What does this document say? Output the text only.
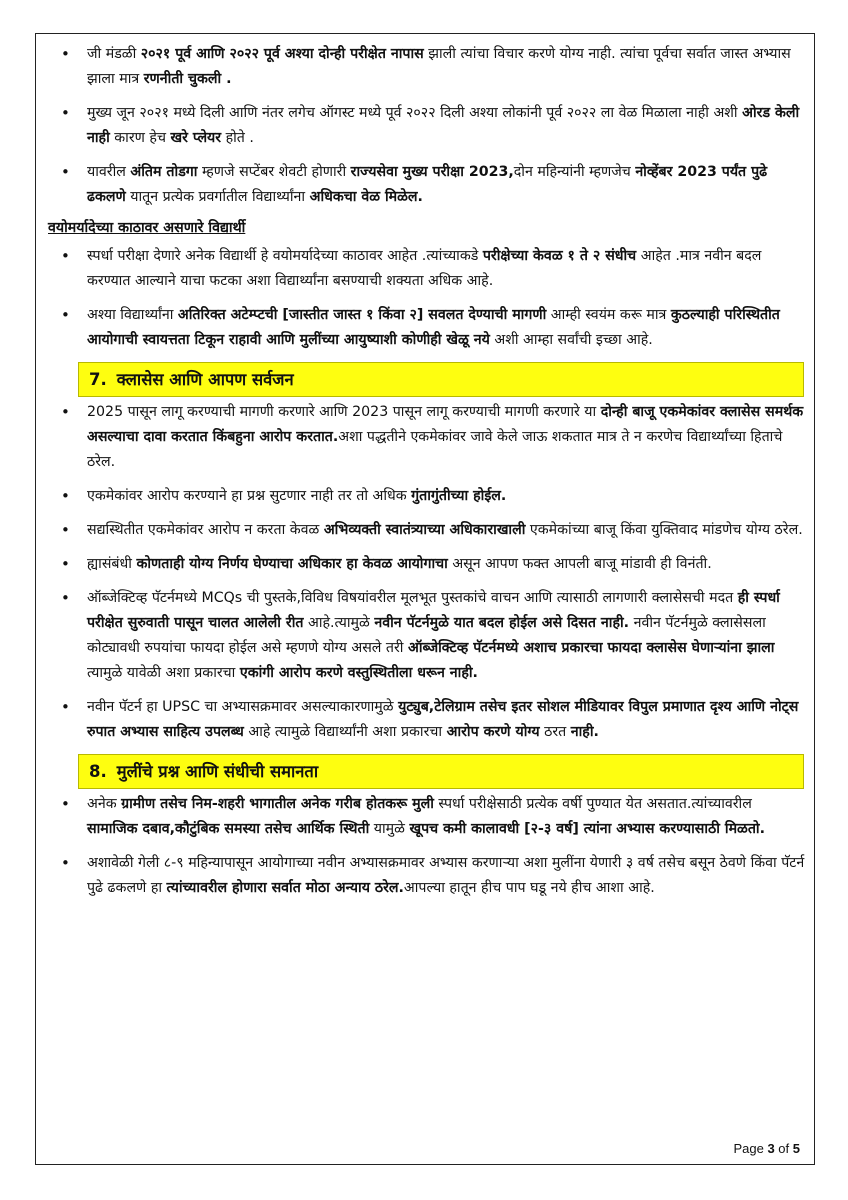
• जी मंडळी २०२१ पूर्व आणि २०२२ पूर्व अश्या दोन्ही परीक्षेत नापास झाली त्यांचा विचार करणे योग्य नाही. त्यांचा पूर्वचा सर्वात जास्त अभ्यास झाला मात्र रणनीती चुकली .
• मुख्य जून २०२१ मध्ये दिली आणि नंतर लगेच ऑगस्ट मध्ये पूर्व २०२२ दिली अश्या लोकांनी पूर्व २०२२ ला वेळ मिळाला नाही अशी ओरड केली नाही कारण हेच खरे प्लेयर होते .
• यावरील अंतिम तोडगा म्हणजे सप्टेंबर शेवटी होणारी राज्यसेवा मुख्य परीक्षा 2023,दोन महिन्यांनी म्हणजेच नोव्हेंबर 2023 पर्यंत पुढे ढकलणे यातून प्रत्येक प्रवर्गातील विद्यार्थ्यांना अधिकचा वेळ मिळेल.
वयोमर्यादेच्या काठावर असणारे विद्यार्थी
• स्पर्धा परीक्षा देणारे अनेक विद्यार्थी हे वयोमर्यादेच्या काठावर आहेत .त्यांच्याकडे परीक्षेच्या केवळ १ ते २ संधीच आहेत .मात्र नवीन बदल करण्यात आल्याने याचा फटका अशा विद्यार्थ्यांना बसण्याची शक्यता अधिक आहे.
• अश्या विद्यार्थ्यांना अतिरिक्त अटेम्प्टची [जास्तीत जास्त १ किंवा २] सवलत देण्याची मागणी आम्ही स्वयंम करू मात्र कुठल्याही परिस्थितीत आयोगाची स्वायत्तता टिकून राहावी आणि मुलींच्या आयुष्याशी कोणीही खेळू नये अशी आम्हा सर्वांची इच्छा आहे.
7. क्लासेस आणि आपण सर्वजन
• 2025 पासून लागू करण्याची मागणी करणारे आणि 2023 पासून लागू करण्याची मागणी करणारे या दोन्ही बाजू एकमेकांवर क्लासेस समर्थक असल्याचा दावा करतात किंबहुना आरोप करतात.अशा पद्धतीने एकमेकांवर जावे केले जाऊ शकतात मात्र ते न करणेच विद्यार्थ्यांच्या हिताचे ठरेल.
• एकमेकांवर आरोप करण्याने हा प्रश्न सुटणार नाही तर तो अधिक गुंतागुंतीच्या होईल.
• सद्यस्थितीत एकमेकांवर आरोप न करता केवळ अभिव्यक्ती स्वातंत्र्याच्या अधिकाराखाली एकमेकांच्या बाजू किंवा युक्तिवाद मांडणेच योग्य ठरेल.
• ह्यासंबंधी कोणताही योग्य निर्णय घेण्याचा अधिकार हा केवळ आयोगाचा असून आपण फक्त आपली बाजू मांडावी ही विनंती.
• ऑब्जेक्टिव्ह पॅटर्नमध्ये MCQs ची पुस्तके,विविध विषयांवरील मूलभूत पुस्तकांचे वाचन आणि त्यासाठी लागणारी क्लासेसची मदत ही स्पर्धा परीक्षेत सुरुवाती पासून चालत आलेली रीत आहे.त्यामुळे नवीन पॅटर्नमुळे यात बदल होईल असे दिसत नाही. नवीन पॅटर्नमुळे क्लासेसला कोट्यावधी रुपयांचा फायदा होईल असे म्हणणे योग्य असले तरी ऑब्जेक्टिव्ह पॅटर्नमध्ये अशाच प्रकारचा फायदा क्लासेस घेणाऱ्यांना झाला त्यामुळे यावेळी अशा प्रकारचा एकांगी आरोप करणे वस्तुस्थितीला धरून नाही.
• नवीन पॅटर्न हा UPSC चा अभ्यासक्रमावर असल्याकारणामुळे युट्युब,टेलिग्राम तसेच इतर सोशल मीडियावर विपुल प्रमाणात दृश्य आणि नोट्स रुपात अभ्यास साहित्य उपलब्ध आहे त्यामुळे विद्यार्थ्यांनी अशा प्रकारचा आरोप करणे योग्य ठरत नाही.
8. मुलींचे प्रश्न आणि संधीची समानता
• अनेक ग्रामीण तसेच निम-शहरी भागातील अनेक गरीब होतकरू मुली स्पर्धा परीक्षेसाठी प्रत्येक वर्षी पुण्यात येत असतात.त्यांच्यावरील सामाजिक दबाव,कौटुंबिक समस्या तसेच आर्थिक स्थिती यामुळे खूपच कमी कालावधी [२-३ वर्ष] त्यांना अभ्यास करण्यासाठी मिळतो.
• अशावेळी गेली ८-९ महिन्यापासून आयोगाच्या नवीन अभ्यासक्रमावर अभ्यास करणाऱ्या अशा मुलींना येणारी ३ वर्ष तसेच बसून ठेवणे किंवा पॅटर्न पुढे ढकलणे हा त्यांच्यावरील होणारा सर्वात मोठा अन्याय ठरेल.आपल्या हातून हीच पाप घडू नये हीच आशा आहे.
Page 3 of 5
